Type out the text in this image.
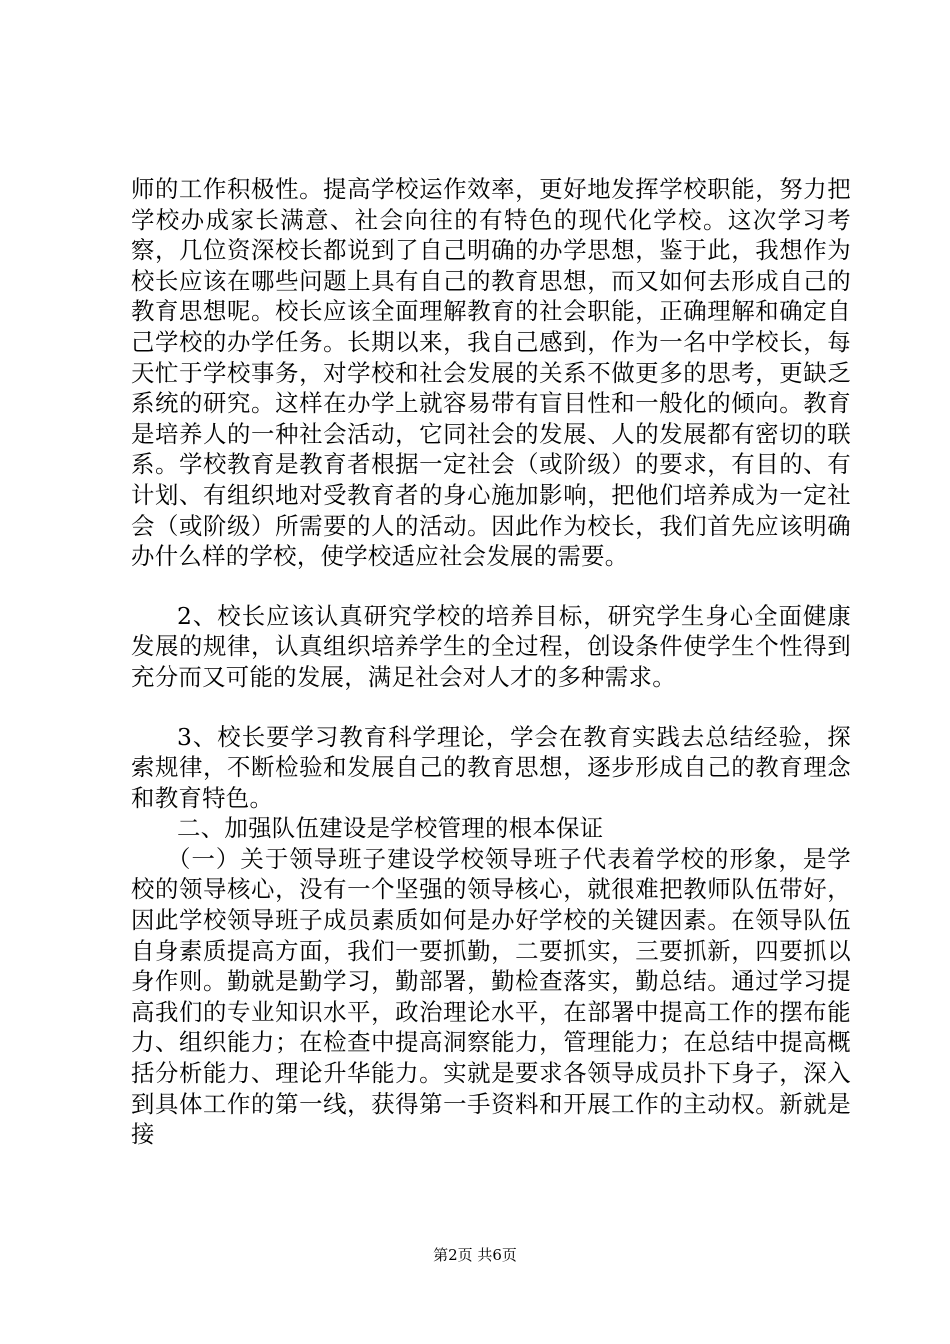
师的工作积极性。提高学校运作效率，更好地发挥学校职能，努力把学校办成家长满意、社会向往的有特色的现代化学校。这次学习考察，几位资深校长都说到了自己明确的办学思想，鉴于此，我想作为校长应该在哪些问题上具有自己的教育思想，而又如何去形成自己的教育思想呢。校长应该全面理解教育的社会职能，正确理解和确定自己学校的办学任务。长期以来，我自己感到，作为一名中学校长，每天忙于学校事务，对学校和社会发展的关系不做更多的思考，更缺乏系统的研究。这样在办学上就容易带有盲目性和一般化的倾向。教育是培养人的一种社会活动，它同社会的发展、人的发展都有密切的联系。学校教育是教育者根据一定社会（或阶级）的要求，有目的、有计划、有组织地对受教育者的身心施加影响，把他们培养成为一定社会（或阶级）所需要的人的活动。因此作为校长，我们首先应该明确办什么样的学校，使学校适应社会发展的需要。

2、校长应该认真研究学校的培养目标，研究学生身心全面健康发展的规律，认真组织培养学生的全过程，创设条件使学生个性得到充分而又可能的发展，满足社会对人才的多种需求。

3、校长要学习教育科学理论，学会在教育实践去总结经验，探索规律，不断检验和发展自己的教育思想，逐步形成自己的教育理念和教育特色。

二、加强队伍建设是学校管理的根本保证

（一）关于领导班子建设学校领导班子代表着学校的形象，是学校的领导核心，没有一个坚强的领导核心，就很难把教师队伍带好，因此学校领导班子成员素质如何是办好学校的关键因素。在领导队伍自身素质提高方面，我们一要抓勤，二要抓实，三要抓新，四要抓以身作则。勤就是勤学习，勤部署，勤检查落实，勤总结。通过学习提高我们的专业知识水平，政治理论水平，在部署中提高工作的摆布能力、组织能力；在检查中提高洞察能力，管理能力；在总结中提高概括分析能力、理论升华能力。实就是要求各领导成员扑下身子，深入到具体工作的第一线，获得第一手资料和开展工作的主动权。新就是接

第2页 共6页
